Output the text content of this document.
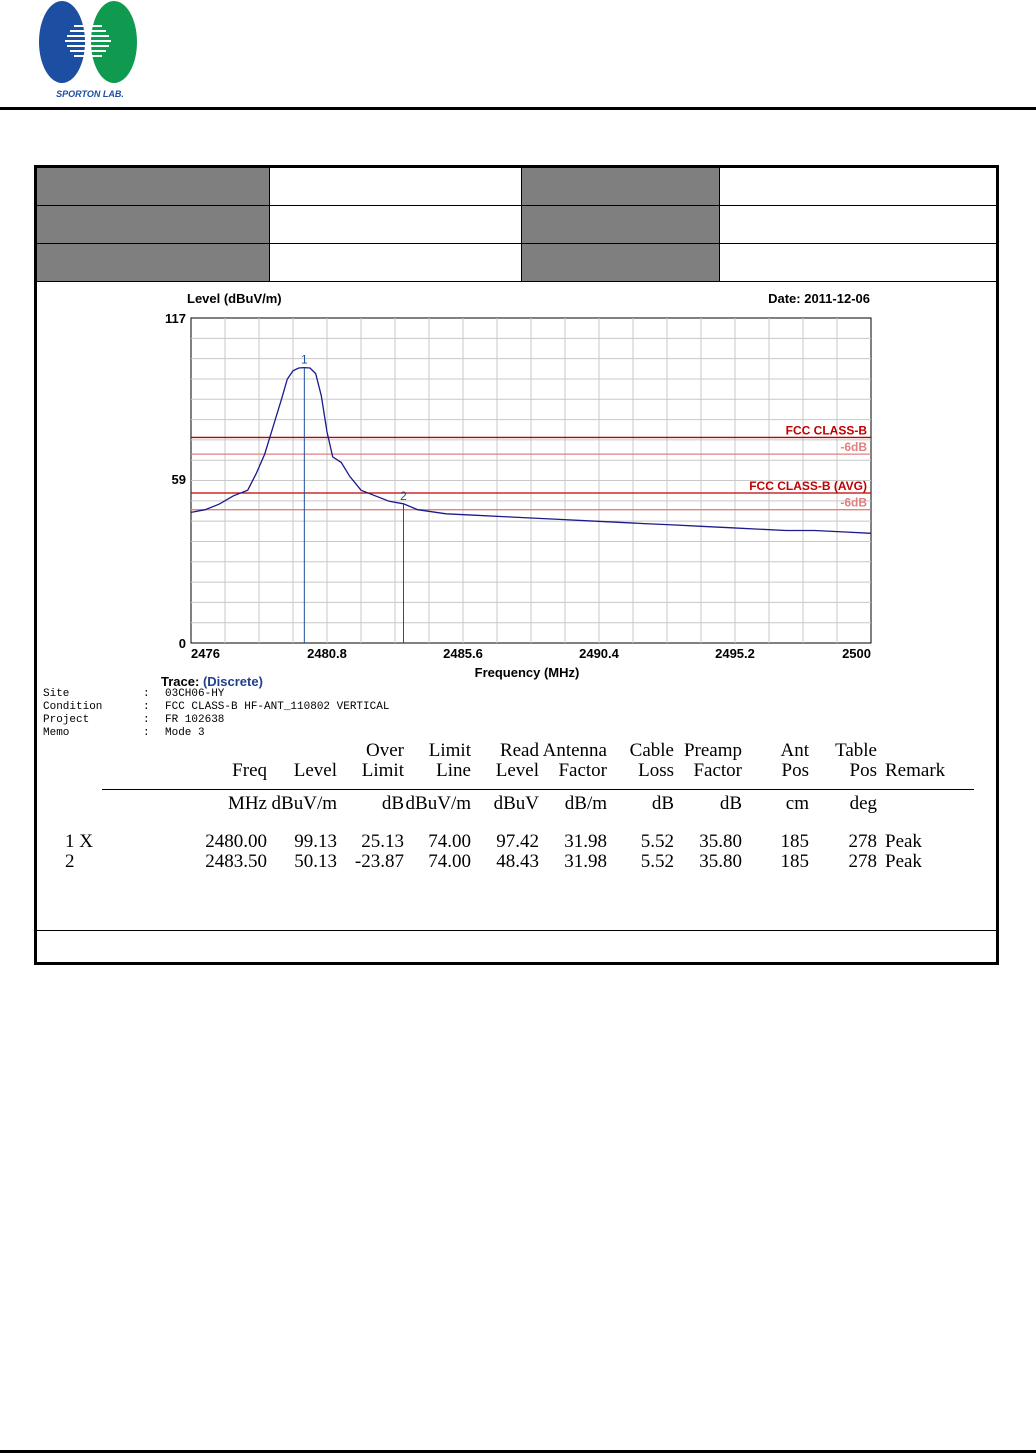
SPORTON LAB.
Level (dBuV/m)	Date: 2011-12-06
FCC CLASS-B
-6dB
FCC CLASS-B (AVG)
-6dB
1
2
2476	2480.8	2485.6	2490.4	2495.2	2500
117
59
0
Frequency (MHz)
Trace: (Discrete)
Site	: 03CH06-HY
Condition	: FCC CLASS-B HF-ANT_110802 VERTICAL
Project	: FR 102638
Memo	: Mode 3
			Over	Limit	Read	Antenna	Cable	Preamp	Ant	Table	
	Freq	Level	Limit	Line	Level	Factor	Loss	Factor	Pos	Pos	Remark

	MHz	dBuV/m	dB	dBuV/m	dBuV	dB/m	dB	dB	cm	deg	

1 X	2480.00	99.13	25.13	74.00	97.42	31.98	5.52	35.80	185	278	Peak
2	2483.50	50.13	-23.87	74.00	48.43	31.98	5.52	35.80	185	278	Peak
